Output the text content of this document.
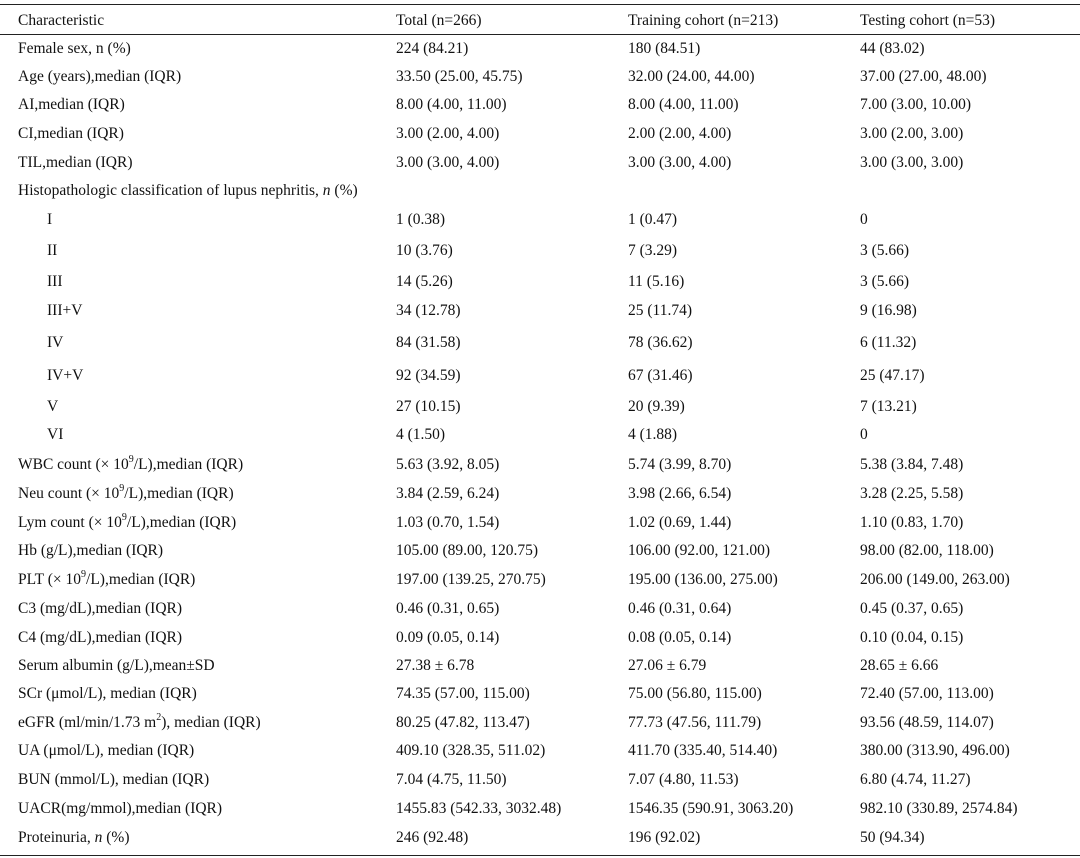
Characteristic	Total (n=266)	Training cohort (n=213)	Testing cohort (n=53)
Female sex, n (%)	224 (84.21)	180 (84.51)	44 (83.02)
Age (years),median (IQR)	33.50 (25.00, 45.75)	32.00 (24.00, 44.00)	37.00 (27.00, 48.00)
AI,median (IQR)	8.00 (4.00, 11.00)	8.00 (4.00, 11.00)	7.00 (3.00, 10.00)
CI,median (IQR)	3.00 (2.00, 4.00)	2.00 (2.00, 4.00)	3.00 (2.00, 3.00)
TIL,median (IQR)	3.00 (3.00, 4.00)	3.00 (3.00, 4.00)	3.00 (3.00, 3.00)
Histopathologic classification of lupus nephritis, n (%)
I	1 (0.38)	1 (0.47)	0
II	10 (3.76)	7 (3.29)	3 (5.66)
III	14 (5.26)	11 (5.16)	3 (5.66)
III+V	34 (12.78)	25 (11.74)	9 (16.98)
IV	84 (31.58)	78 (36.62)	6 (11.32)
IV+V	92 (34.59)	67 (31.46)	25 (47.17)
V	27 (10.15)	20 (9.39)	7 (13.21)
VI	4 (1.50)	4 (1.88)	0
WBC count (× $10^9/L),median$ (IQR)	5.63 (3.92, 8.05)	5.74 (3.99, 8.70)	5.38 (3.84, 7.48)
Neu count (× $10^9/L),median$ (IQR)	3.84 (2.59, 6.24)	3.98 (2.66, 6.54)	3.28 (2.25, 5.58)
Lym count (× $10^9/L),median$ (IQR)	1.03 (0.70, 1.54)	1.02 (0.69, 1.44)	1.10 (0.83, 1.70)
Hb (g/L),median (IQR)	105.00 (89.00, 120.75)	106.00 (92.00, 121.00)	98.00 (82.00, 118.00)
PLT (× $10^9/L),median$ (IQR)	197.00 (139.25, 270.75)	195.00 (136.00, 275.00)	206.00 (149.00, 263.00)
C3 (mg/dL),median (IQR)	0.46 (0.31, 0.65)	0.46 (0.31, 0.64)	0.45 (0.37, 0.65)
C4 (mg/dL),median (IQR)	0.09 (0.05, 0.14)	0.08 (0.05, 0.14)	0.10 (0.04, 0.15)
Serum albumin (g/L),mean±SD	27.38 ± 6.78	27.06 ± 6.79	28.65 ± 6.66
SCr (μmol/L), median (IQR)	74.35 (57.00, 115.00)	75.00 (56.80, 115.00)	72.40 (57.00, 113.00)
eGFR (ml/min/1.73 $m^2$), median (IQR)	80.25 (47.82, 113.47)	77.73 (47.56, 111.79)	93.56 (48.59, 114.07)
UA (μmol/L), median (IQR)	409.10 (328.35, 511.02)	411.70 (335.40, 514.40)	380.00 (313.90, 496.00)
BUN (mmol/L), median (IQR)	7.04 (4.75, 11.50)	7.07 (4.80, 11.53)	6.80 (4.74, 11.27)
UACR(mg/mmol),median (IQR)	1455.83 (542.33, 3032.48)	1546.35 (590.91, 3063.20)	982.10 (330.89, 2574.84)
Proteinuria, n (%)	246 (92.48)	196 (92.02)	50 (94.34)
